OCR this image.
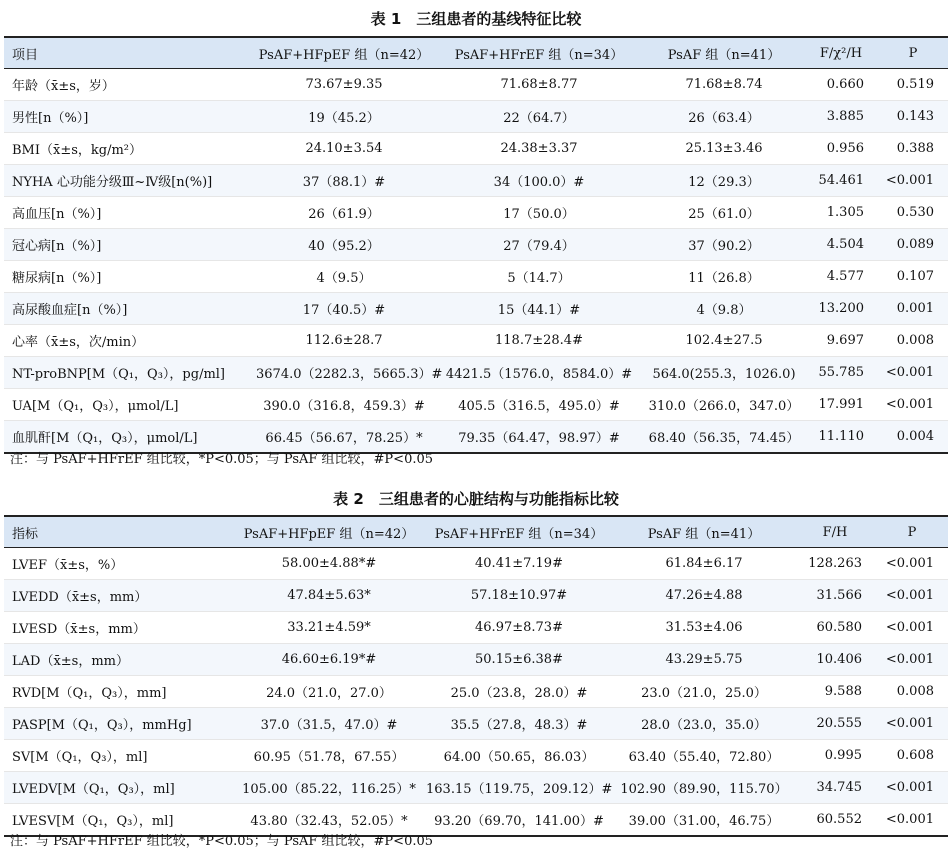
表 1　三组患者的基线特征比较
项目	PsAF+HFpEF 组（n=42）	PsAF+HFrEF 组（n=34）	PsAF 组（n=41）	F/χ²/H	P
年龄（x̄±s，岁）	73.67±9.35	71.68±8.77	71.68±8.74	0.660	0.519
男性[n（%）]	19（45.2）	22（64.7）	26（63.4）	3.885	0.143
BMI（x̄±s，kg/m²）	24.10±3.54	24.38±3.37	25.13±3.46	0.956	0.388
NYHA 心功能分级Ⅲ~Ⅳ级[n(%)]	37（88.1）#	34（100.0）#	12（29.3）	54.461	<0.001
高血压[n（%）]	26（61.9）	17（50.0）	25（61.0）	1.305	0.530
冠心病[n（%）]	40（95.2）	27（79.4）	37（90.2）	4.504	0.089
糖尿病[n（%）]	4（9.5）	5（14.7）	11（26.8）	4.577	0.107
高尿酸血症[n（%）]	17（40.5）#	15（44.1）#	4（9.8）	13.200	0.001
心率（x̄±s，次/min）	112.6±28.7	118.7±28.4#	102.4±27.5	9.697	0.008
NT-proBNP[M（Q₁，Q₃），pg/ml]	3674.0（2282.3，5665.3）#	4421.5（1576.0，8584.0）#	564.0(255.3，1026.0)	55.785	<0.001
UA[M（Q₁，Q₃），μmol/L]	390.0（316.8，459.3）#	405.5（316.5，495.0）#	310.0（266.0，347.0）	17.991	<0.001
血肌酐[M（Q₁，Q₃），μmol/L]	66.45（56.67，78.25）*	79.35（64.47，98.97）#	68.40（56.35，74.45）	11.110	0.004
注：与 PsAF+HFrEF 组比较，*P<0.05；与 PsAF 组比较，#P<0.05
表 2　三组患者的心脏结构与功能指标比较
指标	PsAF+HFpEF 组（n=42）	PsAF+HFrEF 组（n=34）	PsAF 组（n=41）	F/H	P
LVEF（x̄±s，%）	58.00±4.88*#	40.41±7.19#	61.84±6.17	128.263	<0.001
LVEDD（x̄±s，mm）	47.84±5.63*	57.18±10.97#	47.26±4.88	31.566	<0.001
LVESD（x̄±s，mm）	33.21±4.59*	46.97±8.73#	31.53±4.06	60.580	<0.001
LAD（x̄±s，mm）	46.60±6.19*#	50.15±6.38#	43.29±5.75	10.406	<0.001
RVD[M（Q₁，Q₃），mm]	24.0（21.0，27.0）	25.0（23.8，28.0）#	23.0（21.0，25.0）	9.588	0.008
PASP[M（Q₁，Q₃），mmHg]	37.0（31.5，47.0）#	35.5（27.8，48.3）#	28.0（23.0，35.0）	20.555	<0.001
SV[M（Q₁，Q₃），ml]	60.95（51.78，67.55）	64.00（50.65，86.03）	63.40（55.40，72.80）	0.995	0.608
LVEDV[M（Q₁，Q₃），ml]	105.00（85.22，116.25）*	163.15（119.75，209.12）#	102.90（89.90，115.70）	34.745	<0.001
LVESV[M（Q₁，Q₃），ml]	43.80（32.43，52.05）*	93.20（69.70，141.00）#	39.00（31.00，46.75）	60.552	<0.001
注：与 PsAF+HFrEF 组比较，*P<0.05；与 PsAF 组比较，#P<0.05
